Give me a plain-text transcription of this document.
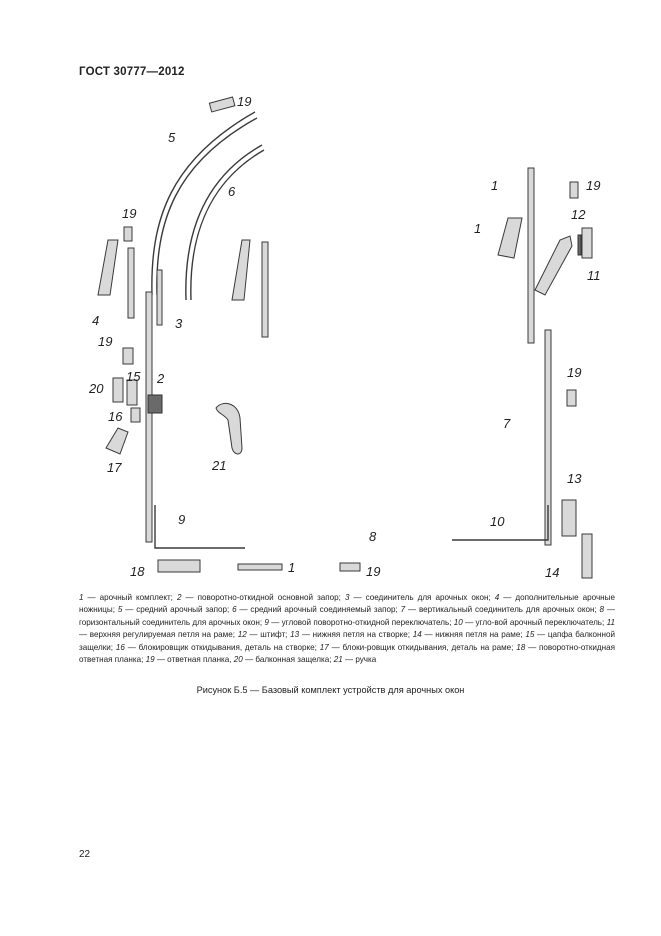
ГОСТ 30777—2012
19
5
6	1	19
1
12
19
11
4	3
19
2
15
20
19
16	7
17	21
13
9	10
8
18	1	19	14
1 — арочный комплект; 2 — поворотно-откидной основной запор; 3 — соединитель для арочных окон; 4 — дополнительные арочные ножницы; 5 — средний арочный запор; 6 — средний арочный соединяемый запор; 7 — вертикальный соединитель для арочных окон; 8 — горизонтальный соединитель для арочных окон; 9 — угловой поворотно-откидной переключатель; 10 — угло-вой арочный переключатель; 11 — верхняя регулируемая петля на раме; 12 — штифт; 13 — нижняя петля на створке; 14 — нижняя петля на раме; 15 — цапфа балконной защелки; 16 — блокировщик откидывания, деталь на створке; 17 — блоки-ровщик откидывания, деталь на раме; 18 — поворотно-откидная ответная планка; 19 — ответная планка, 20 — балконная защелка; 21 — ручка
Рисунок Б.5 — Базовый комплект устройств для арочных окон
22
